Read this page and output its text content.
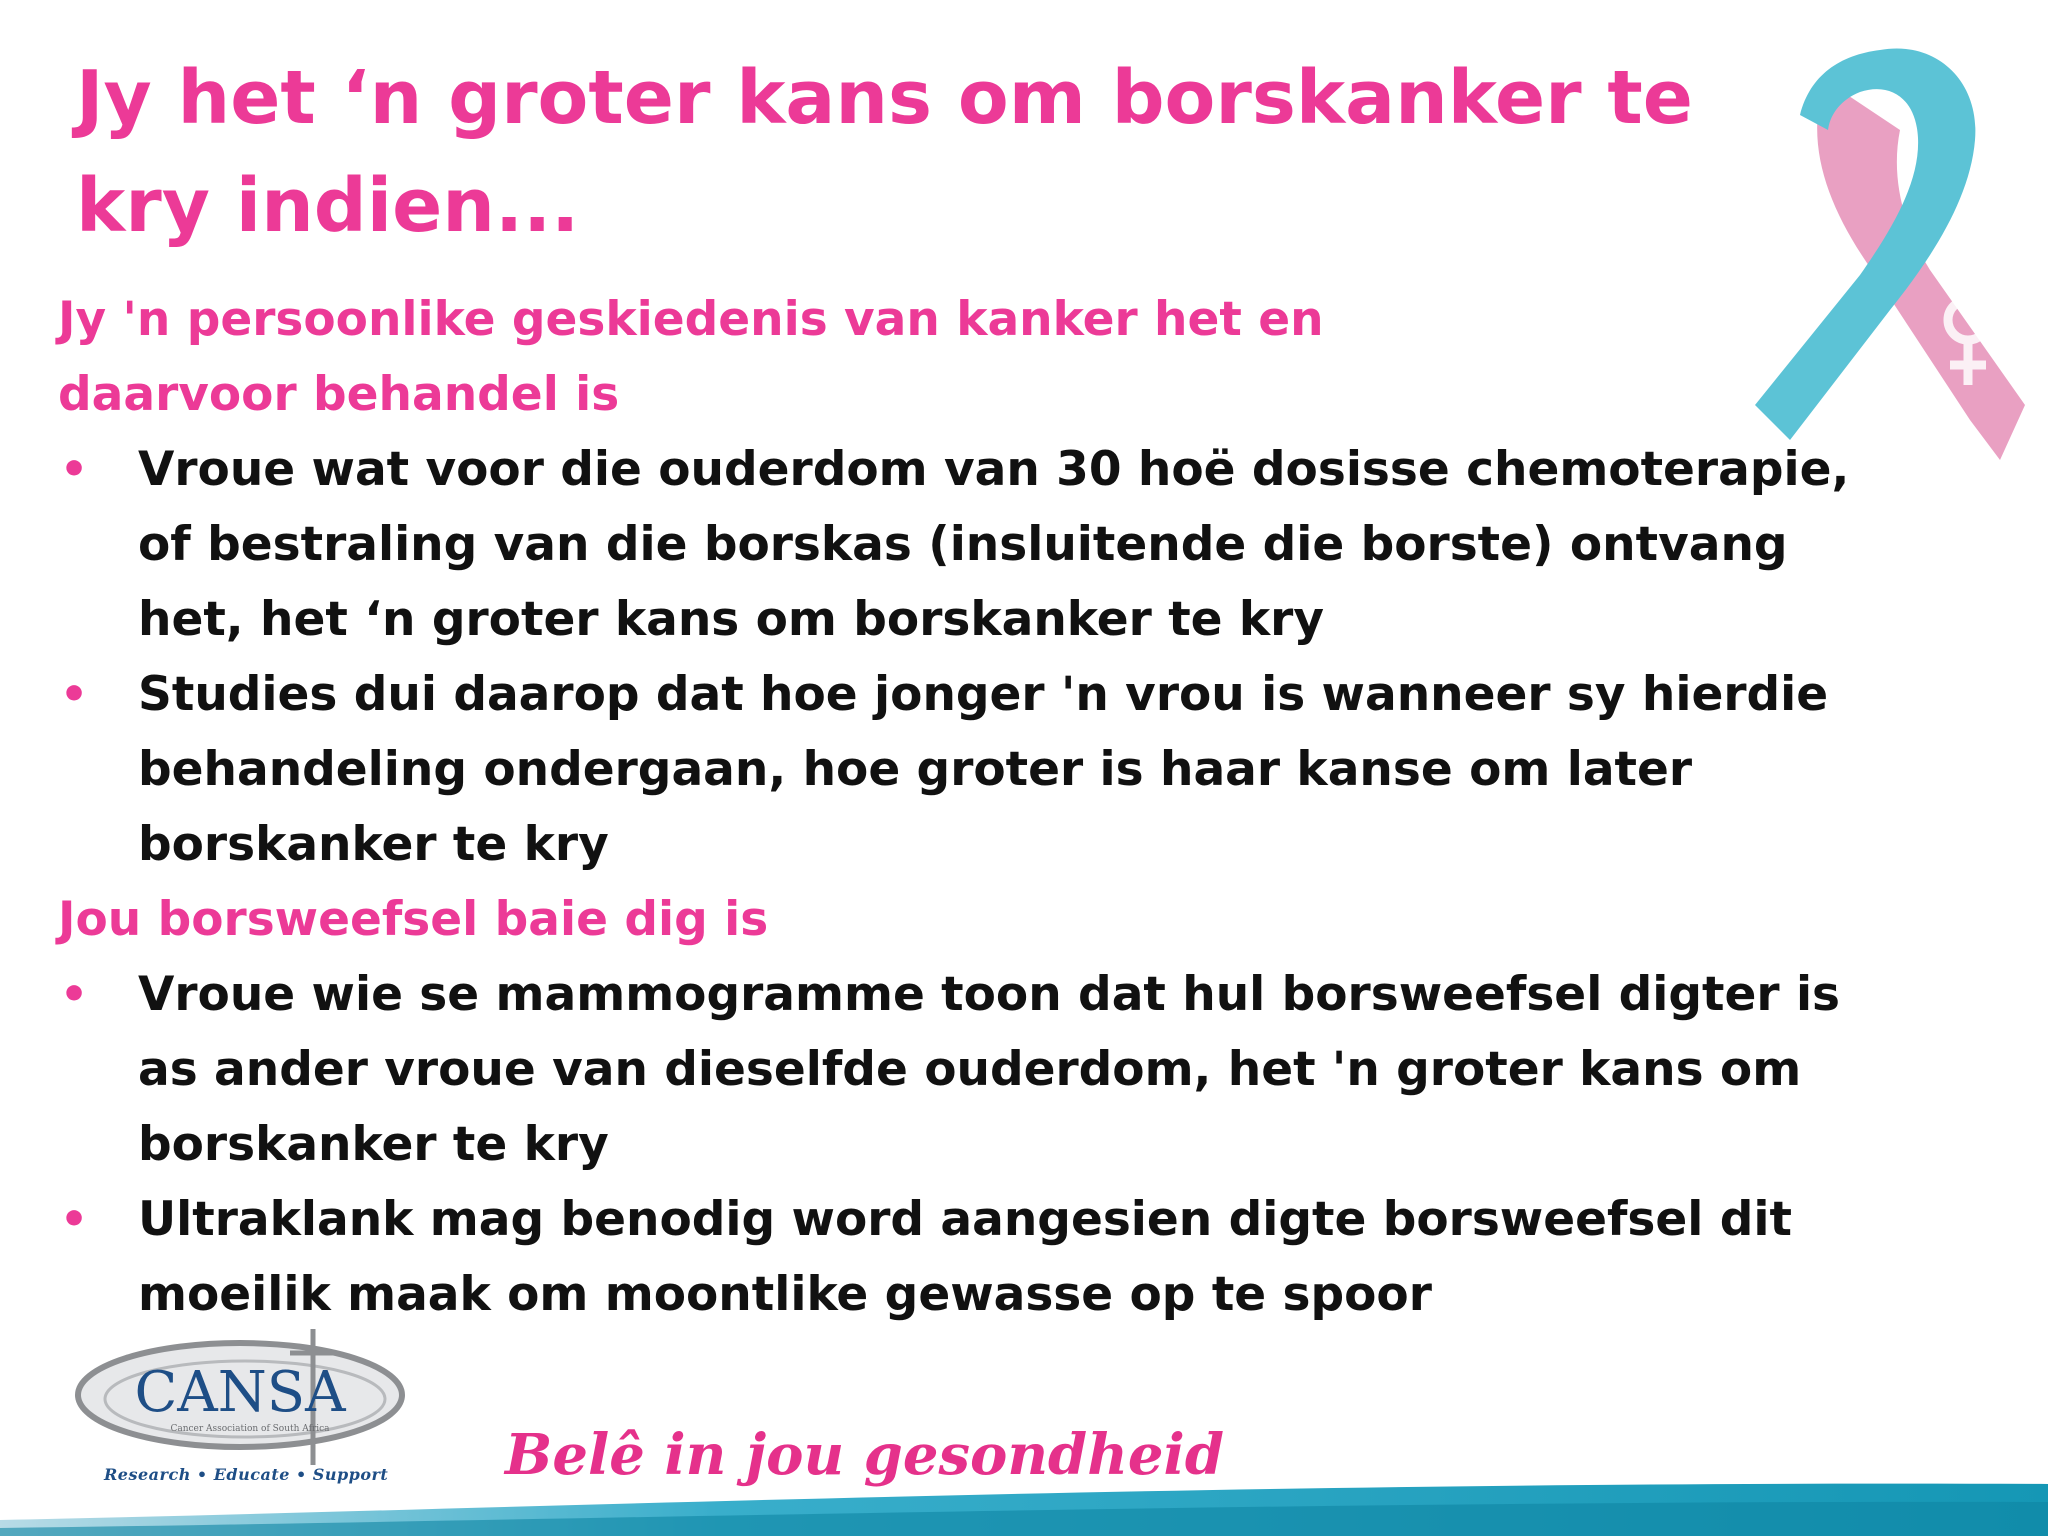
Jy het ‘n groter kans om borskanker te kry indien...
Jy 'n persoonlike geskiedenis van kanker het en daarvoor behandel is
• Vroue wat voor die ouderdom van 30 hoë dosisse chemoterapie, of bestraling van die borskas (insluitende die borste) ontvang het, het ‘n groter kans om borskanker te kry
• Studies dui daarop dat hoe jonger 'n vrou is wanneer sy hierdie behandeling ondergaan, hoe groter is haar kanse om later borskanker te kry
Jou borsweefsel baie dig is
• Vroue wie se mammogramme toon dat hul borsweefsel digter is as ander vroue van dieselfde ouderdom, het 'n groter kans om borskanker te kry
• Ultraklank mag benodig word aangesien digte borsweefsel dit moeilik maak om moontlike gewasse op te spoor
CANSA
Cancer Association of South Africa
Research • Educate • Support Belê in jou gesondheid
